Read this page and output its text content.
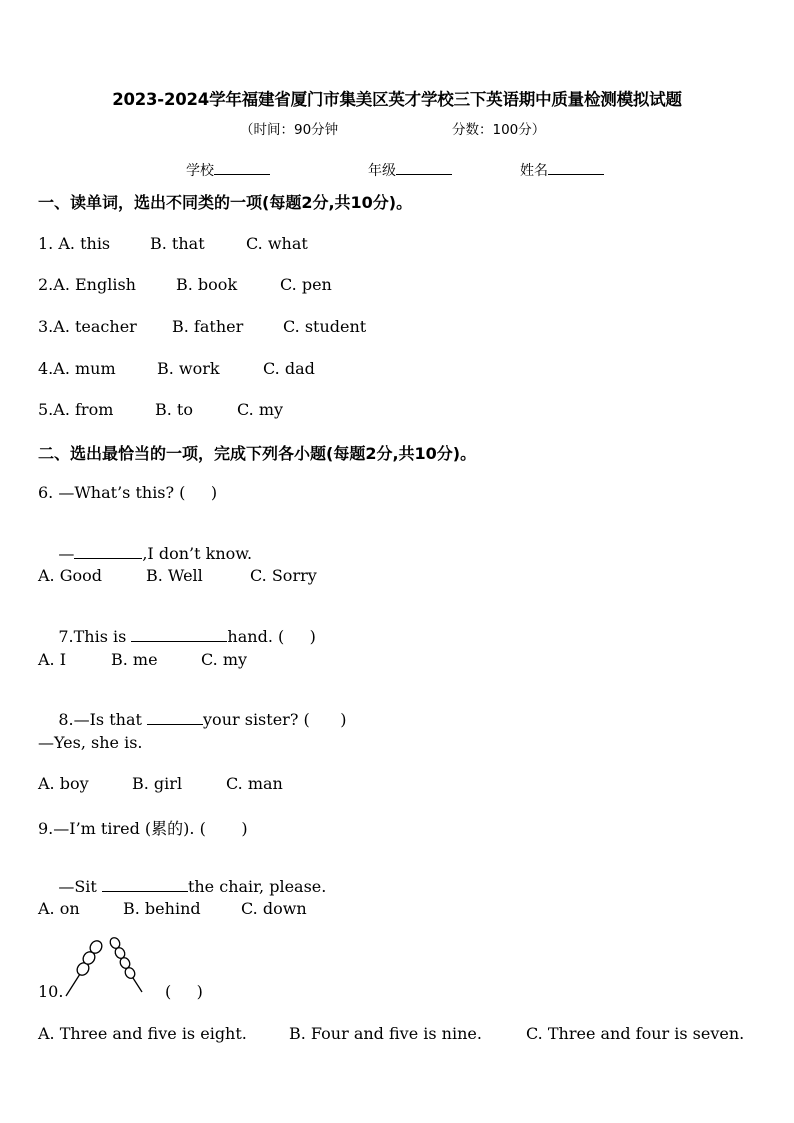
2023-2024学年福建省厦门市集美区英才学校三下英语期中质量检测模拟试题
（时间：90分钟	分数：100分）
学校	年级	姓名
一、读单词，选出不同类的一项(每题2分,共10分)。
1. A. this B. that	C. what
2.A. English	B. book	C. pen
3.A. teacher B. father C. student
4.A. mum	B. work	C. dad
5.A. from	B. to	C. my
二、选出最恰当的一项，完成下列各小题(每题2分,共10分)。
6. —What’s this? (     )

—	,I don’t know.

A. Good	B. Well	C. Sorry

7.This is	hand. (     )

A. I	B. me	C. my

8.—Is that	your sister? (      )

—Yes, she is.
A. boy	B. girl	C. man
9.—I’m tired (累的). (       )

—Sit	the chair, please.

A. on	B. behind	C. down
10.	(     )
A. Three and five is eight.	B. Four and five is nine.	C. Three and four is seven.
